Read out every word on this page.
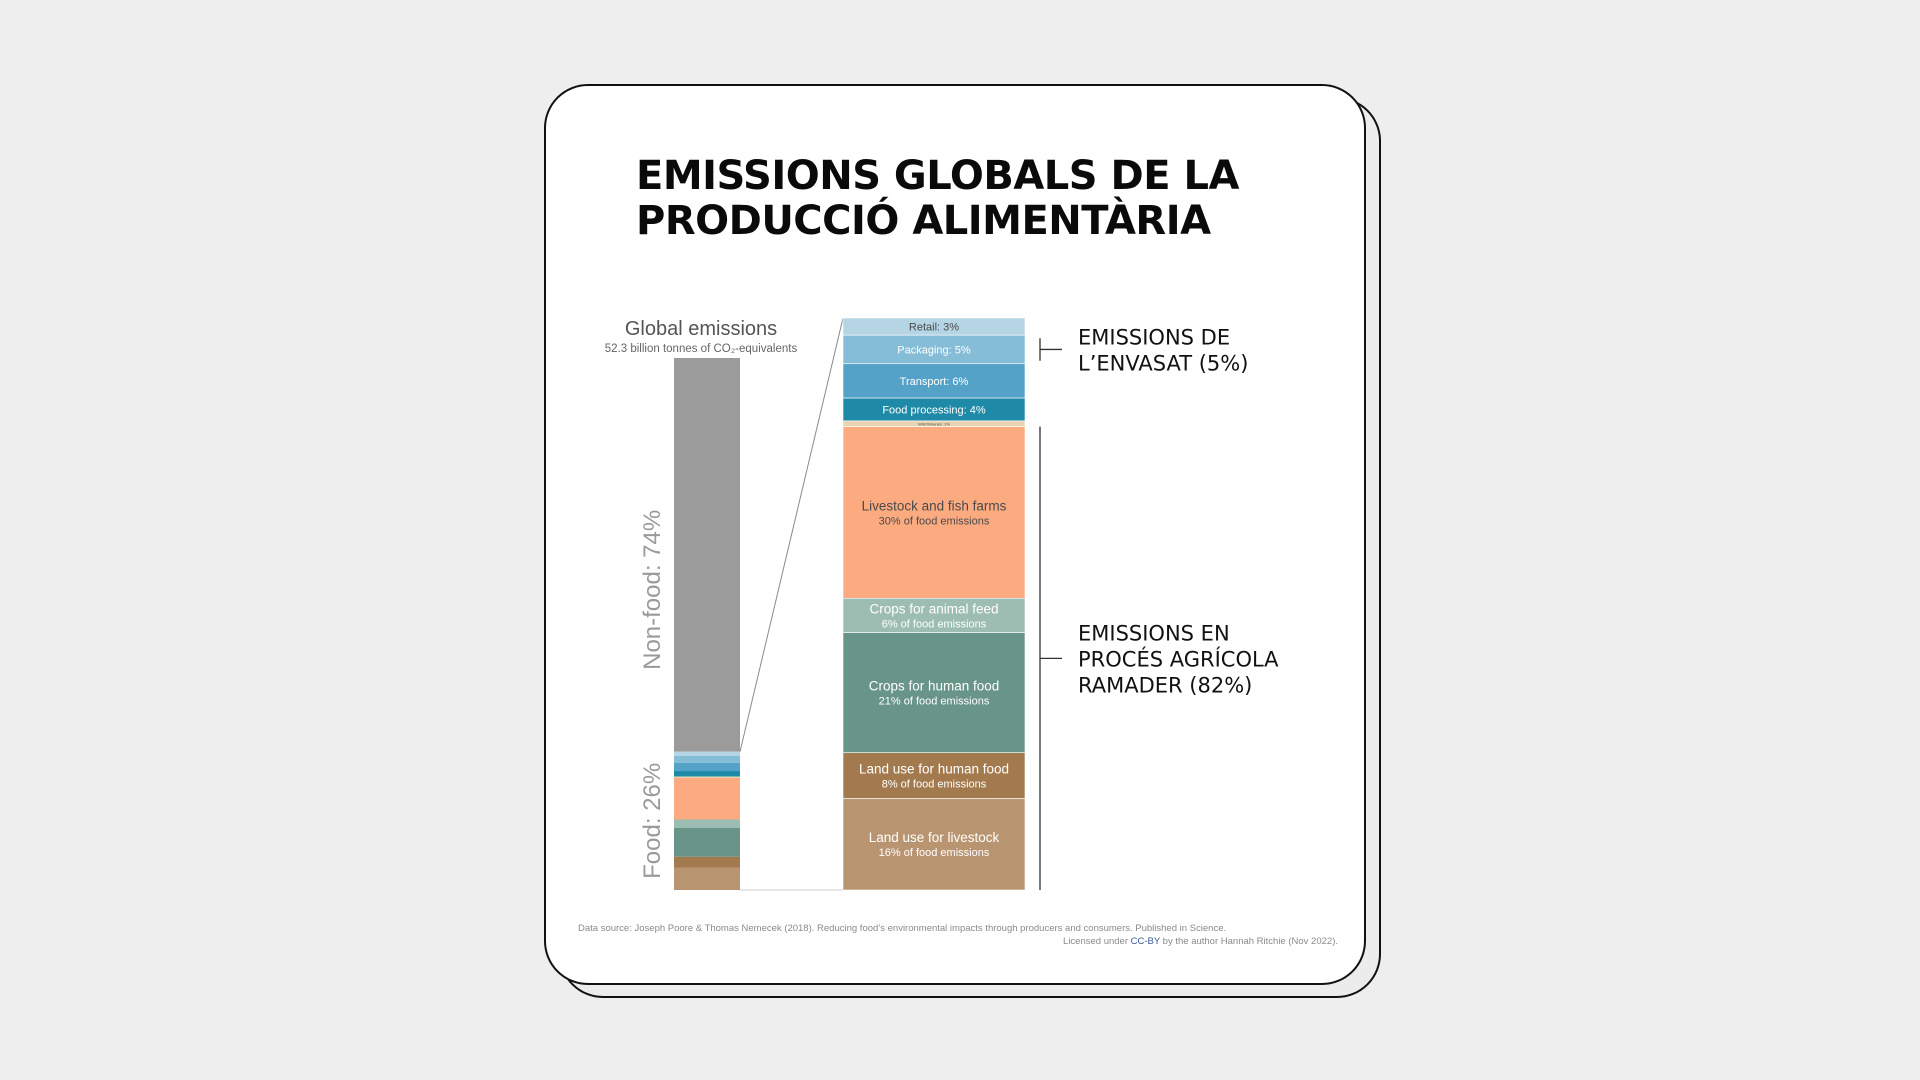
EMISSIONS GLOBALS DE LA
PRODUCCIÓ ALIMENTÀRIA
Global emissions
52.3 billion tonnes of CO₂-equivalents
Non-food: 74%
Food: 26%
Retail: 3%
Packaging: 5%
Transport: 6%
Food processing: 4%
Wild fisheries: 1%
Livestock and fish farms
30% of food emissions
Crops for animal feed
6% of food emissions
Crops for human food
21% of food emissions
Land use for human food
8% of food emissions
Land use for livestock
16% of food emissions
EMISSIONS DE
L’ENVASAT (5%)
EMISSIONS EN
PROCÉS AGRÍCOLA
RAMADER (82%)
Data source: Joseph Poore & Thomas Nemecek (2018). Reducing food’s environmental impacts through producers and consumers. Published in Science.
Licensed under CC-BY by the author Hannah Ritchie (Nov 2022).
